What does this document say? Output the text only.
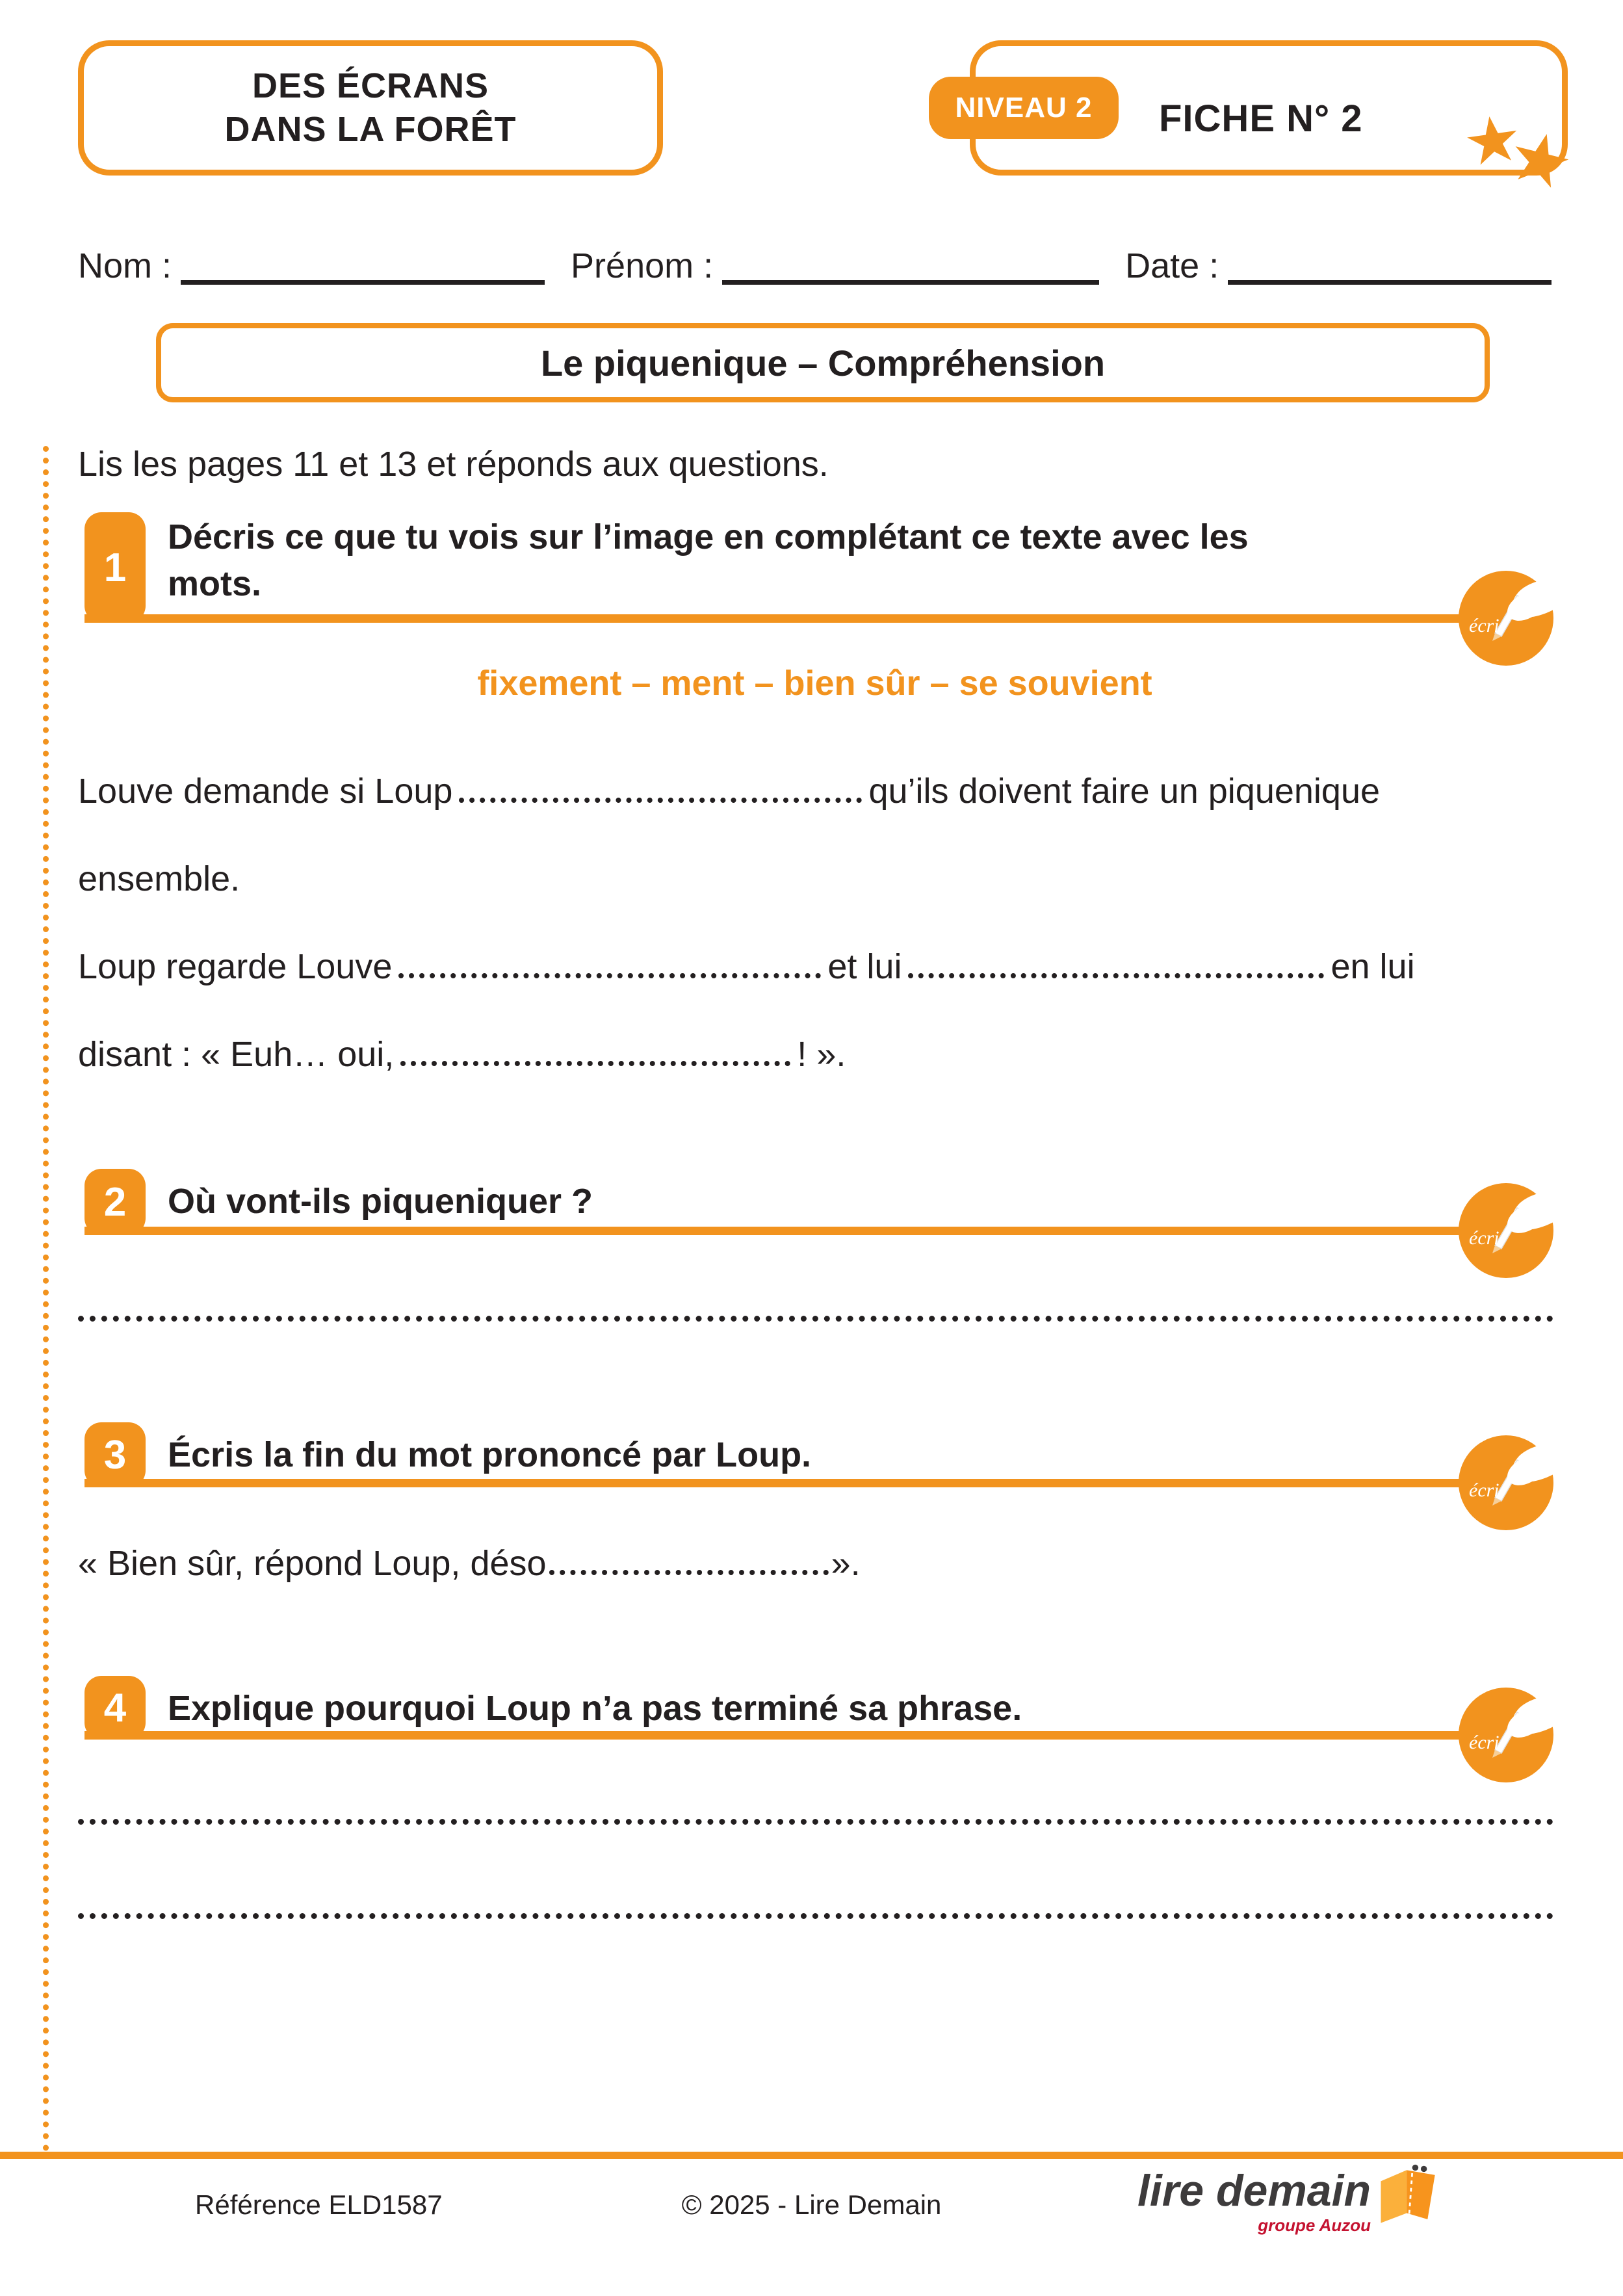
DES ÉCRANS
DANS LA FORÊT
NIVEAU 2	FICHE N° 2
Nom :	Prénom :	Date :
Le piquenique – Compréhension
Lis les pages 11 et 13 et réponds aux questions.
1
Décris ce que tu vois sur l’image en complétant ce texte avec les mots.
écri
fixement – ment – bien sûr – se souvient
Louve demande si Loup	qu’ils doivent faire un piquenique
ensemble.
Loup regarde Louve	et lui	en lui
disant : « Euh… oui,	! ».
2	Où vont-ils piqueniquer ?
écri
3	Écris la fin du mot prononcé par Loup.
écri
« Bien sûr, répond Loup, déso	».
4	Explique pourquoi Loup n’a pas terminé sa phrase.
écri
Référence ELD1587	© 2025 - Lire Demain	lire demain
groupe Auzou
